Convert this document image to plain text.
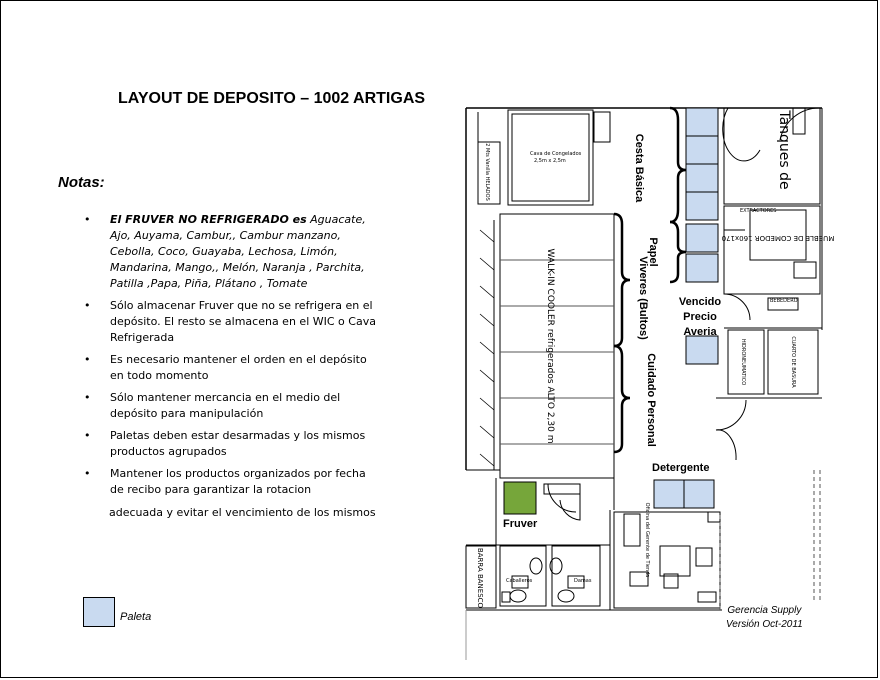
LAYOUT DE DEPOSITO – 1002 ARTIGAS
Notas:
• El FRUVER NO REFRIGERADO es Aguacate, Ajo, Auyama, Cambur,, Cambur manzano, Cebolla, Coco, Guayaba, Lechosa, Limón, Mandarina, Mango,, Melón, Naranja , Parchita, Patilla ,Papa, Piña, Plátano , Tomate
• Sólo almacenar Fruver que no se refrigera en el depósito. El resto se almacena en el WIC o Cava Refrigerada
• Es necesario mantener el orden en el depósito en todo momento
• Sólo mantener mercancia en el medio del depósito para manipulación
• Paletas deben estar desarmadas y los mismos productos agrupados
• Mantener los productos organizados por fecha de recibo para garantizar la rotacion
adecuada y evitar el vencimiento de los mismos
Paleta
Cesta Básica
Papel
Viveres (Bultos)
Cuidado Personal
Detergente
Fruver
Vencido
Precio
Averia
WALK-IN COOLER refrigerados ALTO 2,30 m
Cava de Congelados
2,5m x 2,5m
2 Mts Vanilla HELADOS
EXTRACTORES
BEBEDERO
HIDRONEUMATICO	CUARTO DE BASURA
Oficina del Gerente de Tienda
Caballeros	Damas
BARRA BANESCO
MUEBLE DE COMEDOR 160x170
Tanques de
Gerencia Supply
Versión Oct-2011
